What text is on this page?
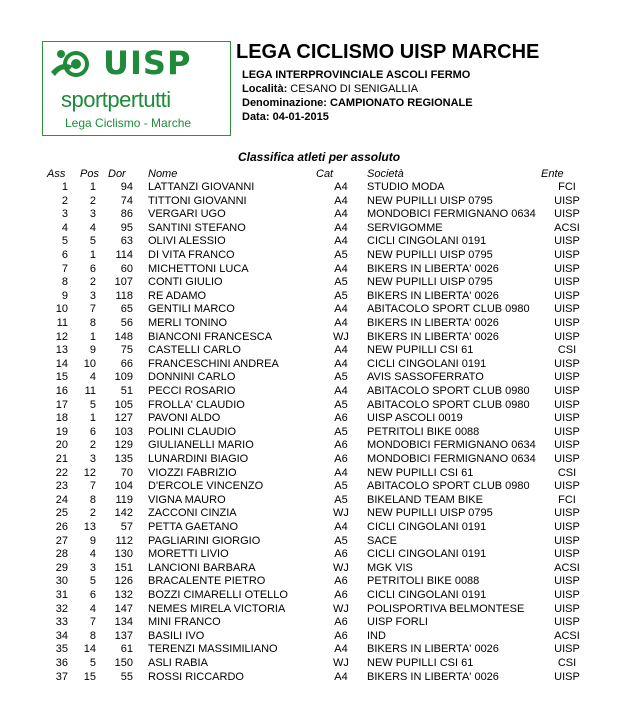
UISP
sportpertutti
Lega Ciclismo - Marche
LEGA CICLISMO UISP MARCHE
LEGA INTERPROVINCIALE ASCOLI FERMO
Località: CESANO DI SENIGALLIA
Denominazione: CAMPIONATO REGIONALE
Data: 04-01-2015
Classifica atleti per assoluto
Ass Pos Dor Nome	Cat	Società	Ente
1	1	94 LATTANZI GIOVANNI	A4	STUDIO MODA	FCI
2	2	74 TITTONI GIOVANNI	A4	NEW PUPILLI UISP 0795	UISP
3	3	86 VERGARI UGO	A4	MONDOBICI FERMIGNANO 0634	UISP
4	4	95 SANTINI STEFANO	A4	SERVIGOMME	ACSI
5	5	63 OLIVI ALESSIO	A4	CICLI CINGOLANI 0191	UISP
6	1	114 DI VITA FRANCO	A5	NEW PUPILLI UISP 0795	UISP
7	6	60 MICHETTONI LUCA	A4	BIKERS IN LIBERTA' 0026	UISP
8	2	107 CONTI GIULIO	A5	NEW PUPILLI UISP 0795	UISP
9	3	118 RE ADAMO	A5	BIKERS IN LIBERTA' 0026	UISP
10	7	65 GENTILI MARCO	A4	ABITACOLO SPORT CLUB 0980	UISP
11	8	56 MERLI TONINO	A4	BIKERS IN LIBERTA' 0026	UISP
12	1	148 BIANCONI FRANCESCA	WJ BIKERS IN LIBERTA' 0026	UISP
13	9	75 CASTELLI CARLO	A4	NEW PUPILLI CSI 61	CSI
14	10	66 FRANCESCHINI ANDREA	A4	CICLI CINGOLANI 0191	UISP
15	4	109 DONNINI CARLO	A5	AVIS SASSOFERRATO	UISP
16	11	51 PECCI ROSARIO	A4	ABITACOLO SPORT CLUB 0980	UISP
17	5	105 FROLLA' CLAUDIO	A5	ABITACOLO SPORT CLUB 0980	UISP
18	1	127 PAVONI ALDO	A6	UISP ASCOLI 0019	UISP
19	6	103 POLINI CLAUDIO	A5	PETRITOLI BIKE 0088	UISP
20	2	129 GIULIANELLI MARIO	A6	MONDOBICI FERMIGNANO 0634	UISP
21	3	135 LUNARDINI BIAGIO	A6	MONDOBICI FERMIGNANO 0634	UISP
22	12	70 VIOZZI FABRIZIO	A4	NEW PUPILLI CSI 61	CSI
23	7	104 D'ERCOLE VINCENZO	A5	ABITACOLO SPORT CLUB 0980	UISP
24	8	119 VIGNA MAURO	A5	BIKELAND TEAM BIKE	FCI
25	2	142 ZACCONI CINZIA	WJ NEW PUPILLI UISP 0795	UISP
26	13	57 PETTA GAETANO	A4	CICLI CINGOLANI 0191	UISP
27	9	112 PAGLIARINI GIORGIO	A5	SACE	UISP
28	4	130 MORETTI LIVIO	A6	CICLI CINGOLANI 0191	UISP
29	3	151 LANCIONI BARBARA	WJ MGK VIS	ACSI
30	5	126 BRACALENTE PIETRO	A6	PETRITOLI BIKE 0088	UISP
31	6	132 BOZZI CIMARELLI OTELLO	A6	CICLI CINGOLANI 0191	UISP
32	4	147 NEMES MIRELA VICTORIA	WJ POLISPORTIVA BELMONTESE	UISP
33	7	134 MINI FRANCO	A6	UISP FORLI	UISP
34	8	137 BASILI IVO	A6	IND	ACSI
35	14	61 TERENZI MASSIMILIANO	A4	BIKERS IN LIBERTA' 0026	UISP
36	5	150 ASLI RABIA	WJ NEW PUPILLI CSI 61	CSI
37	15	55 ROSSI RICCARDO	A4	BIKERS IN LIBERTA' 0026	UISP
